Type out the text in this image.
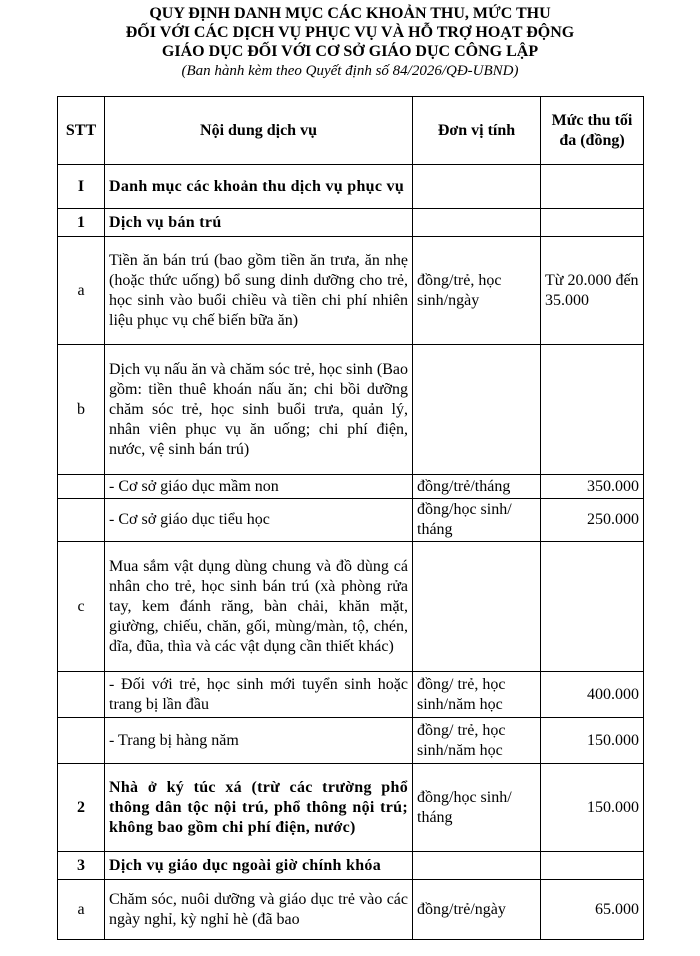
QUY ĐỊNH DANH MỤC CÁC KHOẢN THU, MỨC THU
ĐỐI VỚI CÁC DỊCH VỤ PHỤC VỤ VÀ HỖ TRỢ HOẠT ĐỘNG
GIÁO DỤC ĐỐI VỚI CƠ SỞ GIÁO DỤC CÔNG LẬP
(Ban hành kèm theo Quyết định số 84/2026/QĐ-UBND)
STT	Nội dung dịch vụ	Đơn vị tính	Mức thu tối đa (đồng)
I	Danh mục các khoản thu dịch vụ phục vụ		
1	Dịch vụ bán trú		
a	Tiền ăn bán trú (bao gồm tiền ăn trưa, ăn nhẹ (hoặc thức uống) bổ sung dinh dưỡng cho trẻ, học sinh vào buổi chiều và tiền chi phí nhiên liệu phục vụ chế biến bữa ăn)	đồng/trẻ, học sinh/ngày	Từ 20.000 đến 35.000
b	Dịch vụ nấu ăn và chăm sóc trẻ, học sinh (Bao gồm: tiền thuê khoán nấu ăn; chi bồi dưỡng chăm sóc trẻ, học sinh buổi trưa, quản lý, nhân viên phục vụ ăn uống; chi phí điện, nước, vệ sinh bán trú)		
	- Cơ sở giáo dục mầm non	đồng/trẻ/tháng	350.000
	- Cơ sở giáo dục tiểu học	đồng/học sinh/ tháng	250.000
c	Mua sắm vật dụng dùng chung và đồ dùng cá nhân cho trẻ, học sinh bán trú (xà phòng rửa tay, kem đánh răng, bàn chải, khăn mặt, giường, chiếu, chăn, gối, mùng/màn, tộ, chén, dĩa, đũa, thìa và các vật dụng cần thiết khác)		
	- Đối với trẻ, học sinh mới tuyển sinh hoặc trang bị lần đầu	đồng/ trẻ, học sinh/năm học	400.000
	- Trang bị hàng năm	đồng/ trẻ, học sinh/năm học	150.000
2	Nhà ở ký túc xá (trừ các trường phổ thông dân tộc nội trú, phổ thông nội trú; không bao gồm chi phí điện, nước)	đồng/học sinh/ tháng	150.000
3	Dịch vụ giáo dục ngoài giờ chính khóa		
a	Chăm sóc, nuôi dưỡng và giáo dục trẻ vào các ngày nghỉ, kỳ nghỉ hè (đã bao	đồng/trẻ/ngày	65.000
